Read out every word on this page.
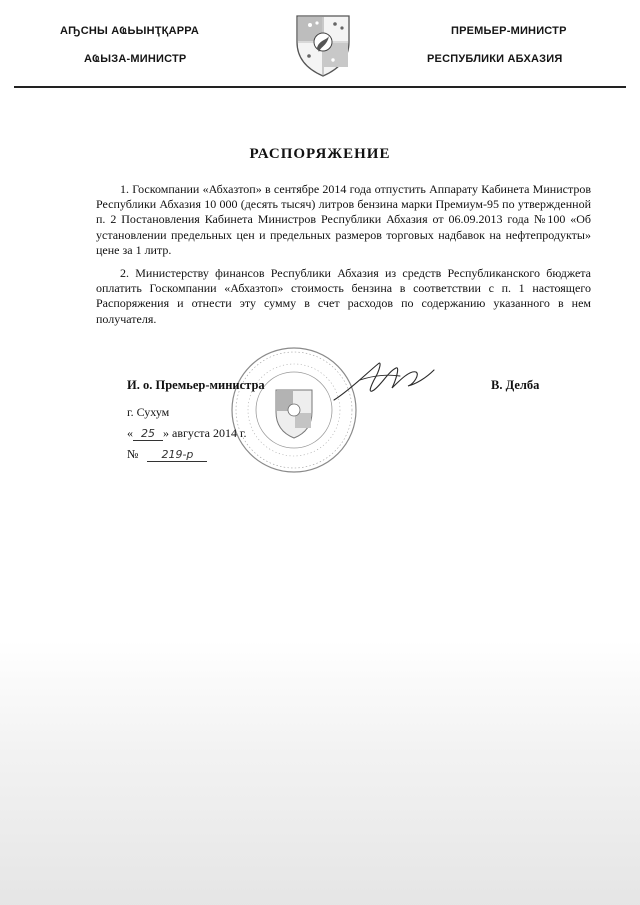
АҦСНЫ АҨЬЫНҬҚАРРА
АҨЫЗА-МИНИСТР
ПРЕМЬЕР-МИНИСТР
РЕСПУБЛИКИ АБХАЗИЯ
РАСПОРЯЖЕНИЕ

1. Госкомпании «Абхазтоп» в сентябре 2014 года отпустить Аппарату Кабинета Министров Республики Абхазия 10 000 (десять тысяч) литров бензина марки Премиум-95 по утвержденной п. 2 Постановления Кабинета Министров Республики Абхазия от 06.09.2013 года №100 «Об установлении предельных цен и предельных размеров торговых надбавок на нефтепродукты» цене за 1 литр.

2. Министерству финансов Республики Абхазия из средств Республиканского бюджета оплатить Госкомпании «Абхазтоп» стоимость бензина в соответствии с п. 1 настоящего Распоряжения и отнести эту сумму в счет расходов по содержанию указанного в нем получателя.

И. о. Премьер-министра	В. Делба
г. Сухум
« 25 » августа 2014 г.
№ 219-р
